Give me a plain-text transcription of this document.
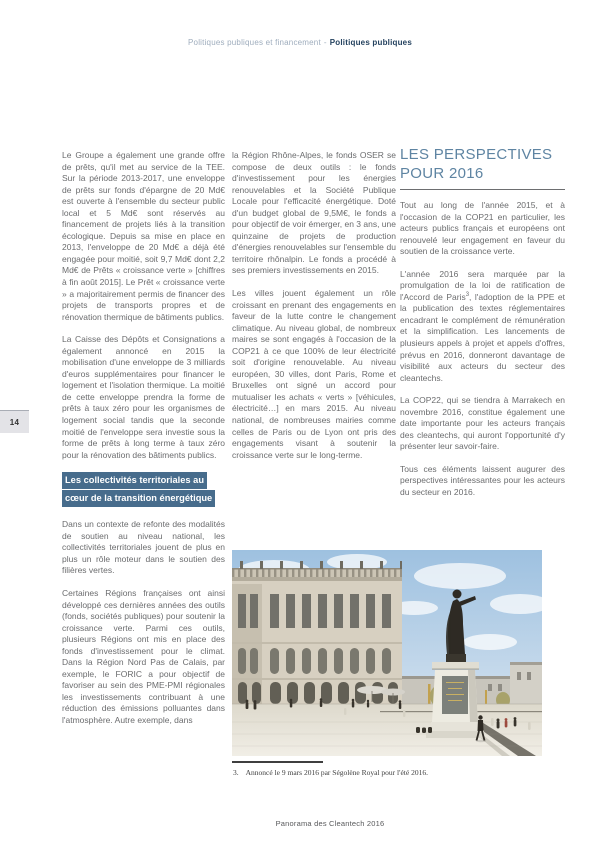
Politiques publiques et financement - Politiques publiques

Le Groupe a également une grande offre de prêts, qu'il met au service de la TEE. Sur la période 2013-2017, une enveloppe de prêts sur fonds d'épargne de 20 Md€ est ouverte à l'ensemble du secteur public local et 5 Md€ sont réservés au financement de projets liés à la transition écologique. Depuis sa mise en place en 2013, l'enveloppe de 20 Md€ a déjà été engagée pour moitié, soit 9,7 Md€ dont 2,2 Md€ de Prêts « croissance verte » [chiffres à fin août 2015]. Le Prêt « croissance verte » a majoritairement permis de financer des projets de transports propres et de rénovation thermique de bâtiments publics.

La Caisse des Dépôts et Consignations a également annoncé en 2015 la mobilisation d'une enveloppe de 3 milliards d'euros supplémentaires pour financer le logement et l'isolation thermique. La moitié de cette enveloppe prendra la forme de prêts à taux zéro pour les organismes de logement social tandis que la seconde moitié de l'enveloppe sera investie sous la forme de prêts à long terme à taux zéro pour la rénovation des bâtiments publics.

Les collectivités territoriales au
cœur de la transition énergétique

Dans un contexte de refonte des modalités de soutien au niveau national, les collectivités territoriales jouent de plus en plus un rôle moteur dans le soutien des filières vertes.

Certaines Régions françaises ont ainsi développé ces dernières années des outils (fonds, sociétés publiques) pour soutenir la croissance verte. Parmi ces outils, plusieurs Régions ont mis en place des fonds d'investissement pour le climat. Dans la Région Nord Pas de Calais, par exemple, le FORIC a pour objectif de favoriser au sein des PME-PMI régionales les investissements contribuant à une réduction des émissions polluantes dans l'atmosphère. Autre exemple, dans

la Région Rhône-Alpes, le fonds OSER se compose de deux outils : le fonds d'investissement pour les énergies renouvelables et la Société Publique Locale pour l'efficacité énergétique. Doté d'un budget global de 9,5M€, le fonds a pour objectif de voir émerger, en 3 ans, une quinzaine de projets de production d'énergies renouvelables sur l'ensemble du territoire rhônalpin. Le fonds a procédé à ses premiers investissements en 2015.

Les villes jouent également un rôle croissant en prenant des engagements en faveur de la lutte contre le changement climatique. Au niveau global, de nombreux maires se sont engagés à l'occasion de la COP21 à ce que 100% de leur électricité soit d'origine renouvelable. Au niveau européen, 30 villes, dont Paris, Rome et Bruxelles ont signé un accord pour mutualiser les achats « verts » [véhicules, électricité…] en mars 2015. Au niveau national, de nombreuses mairies comme celles de Paris ou de Lyon ont pris des engagements visant à soutenir la croissance verte sur le long-terme.

LES PERSPECTIVES
POUR 2016

Tout au long de l'année 2015, et à l'occasion de la COP21 en particulier, les acteurs publics français et européens ont renouvelé leur engagement en faveur du soutien de la croissance verte.

L'année 2016 sera marquée par la promulgation de la loi de ratification de l'Accord de Paris$^3$, l'adoption de la PPE et la publication des textes réglementaires encadrant le complément de rémunération et la simplification. Les lancements de plusieurs appels à projet et appels d'offres, prévus en 2016, donneront davantage de visibilité aux acteurs du secteur des cleantechs.

La COP22, qui se tiendra à Marrakech en novembre 2016, constitue également une date importante pour les acteurs français des cleantechs, qui auront l'opportunité d'y présenter leur savoir-faire.

Tous ces éléments laissent augurer des perspectives intéressantes pour les acteurs du secteur en 2016.

3. Annoncé le 9 mars 2016 par Ségolène Royal pour l'été 2016.
14
Panorama des Cleantech 2016
